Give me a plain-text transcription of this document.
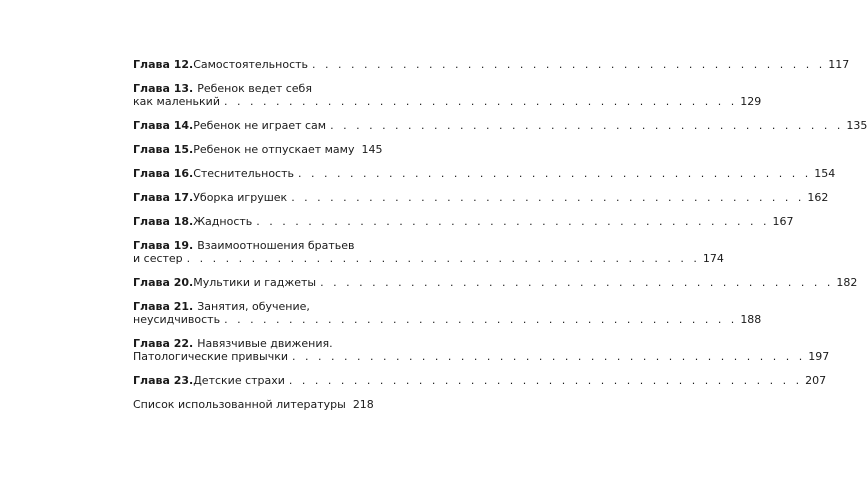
Глава 12. Самостоятельность . . . . . . . . . . . . . . . . . . . . . . . . . . . . . . . . . . . . . . . . 117
Глава 13. Ребенок ведет себя
как маленький . . . . . . . . . . . . . . . . . . . . . . . . . . . . . . . . . . . . . . . . 129
Глава 14. Ребенок не играет сам . . . . . . . . . . . . . . . . . . . . . . . . . . . . . . . . . . . . . . . . 135
Глава 15. Ребенок не отпускает маму 145
Глава 16. Стеснительность . . . . . . . . . . . . . . . . . . . . . . . . . . . . . . . . . . . . . . . . 154
Глава 17. Уборка игрушек . . . . . . . . . . . . . . . . . . . . . . . . . . . . . . . . . . . . . . . . 162
Глава 18. Жадность . . . . . . . . . . . . . . . . . . . . . . . . . . . . . . . . . . . . . . . . 167
Глава 19. Взаимоотношения братьев
и сестер . . . . . . . . . . . . . . . . . . . . . . . . . . . . . . . . . . . . . . . . 174
Глава 20. Мультики и гаджеты . . . . . . . . . . . . . . . . . . . . . . . . . . . . . . . . . . . . . . . . 182
Глава 21. Занятия, обучение,
неусидчивость . . . . . . . . . . . . . . . . . . . . . . . . . . . . . . . . . . . . . . . . 188
Глава 22. Навязчивые движения.
Патологические привычки . . . . . . . . . . . . . . . . . . . . . . . . . . . . . . . . . . . . . . . . 197
Глава 23. Детские страхи . . . . . . . . . . . . . . . . . . . . . . . . . . . . . . . . . . . . . . . . 207
Список использованной литературы 218
